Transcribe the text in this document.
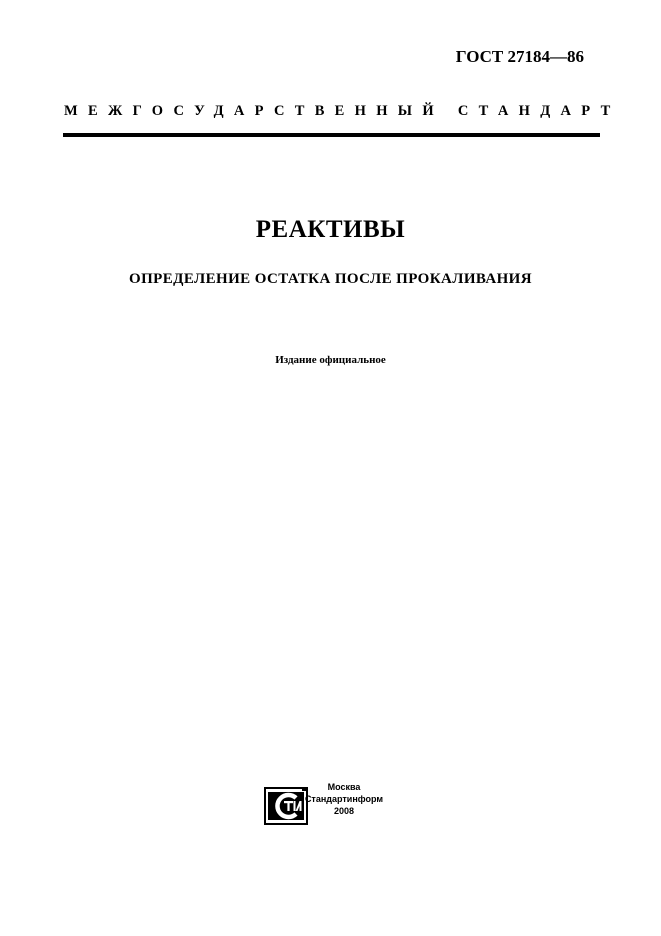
ГОСТ 27184—86
МЕЖГОСУДАРСТВЕННЫЙ СТАНДАРТ
РЕАКТИВЫ
ОПРЕДЕЛЕНИЕ ОСТАТКА ПОСЛЕ ПРОКАЛИВАНИЯ
Издание официальное
Москва
Стандартинформ
2008
